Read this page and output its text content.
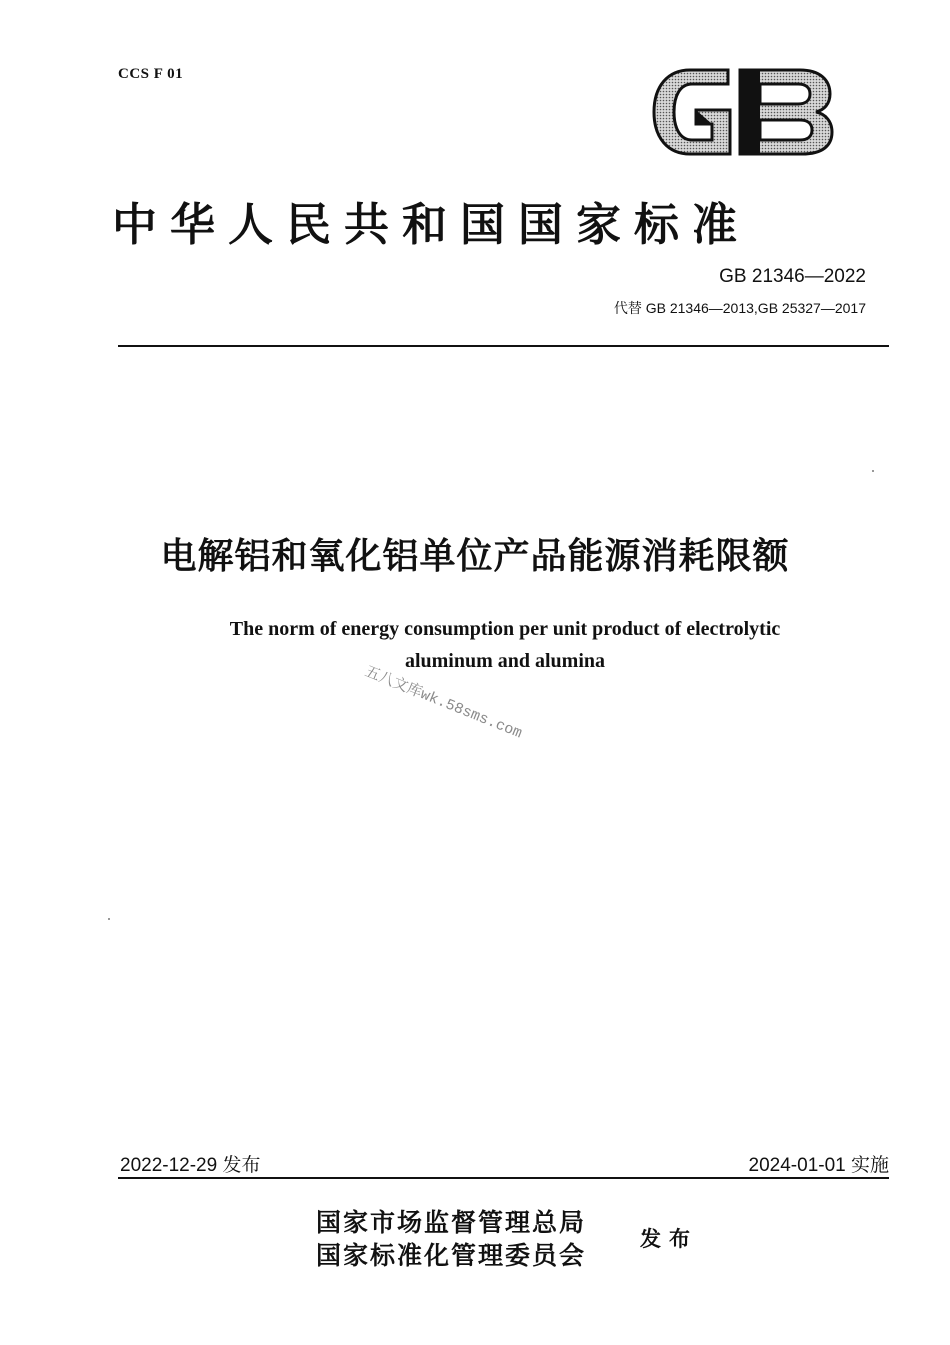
CCS F 01
中华人民共和国国家标准
GB 21346—2022
代替 GB 21346—2013,GB 25327—2017
电解铝和氧化铝单位产品能源消耗限额
The norm of energy consumption per unit product of electrolytic
aluminum and alumina
五八文库wk.58sms.com
2022-12-29 发布	2024-01-01 实施
国家市场监督管理总局
国家标准化管理委员会
发布
